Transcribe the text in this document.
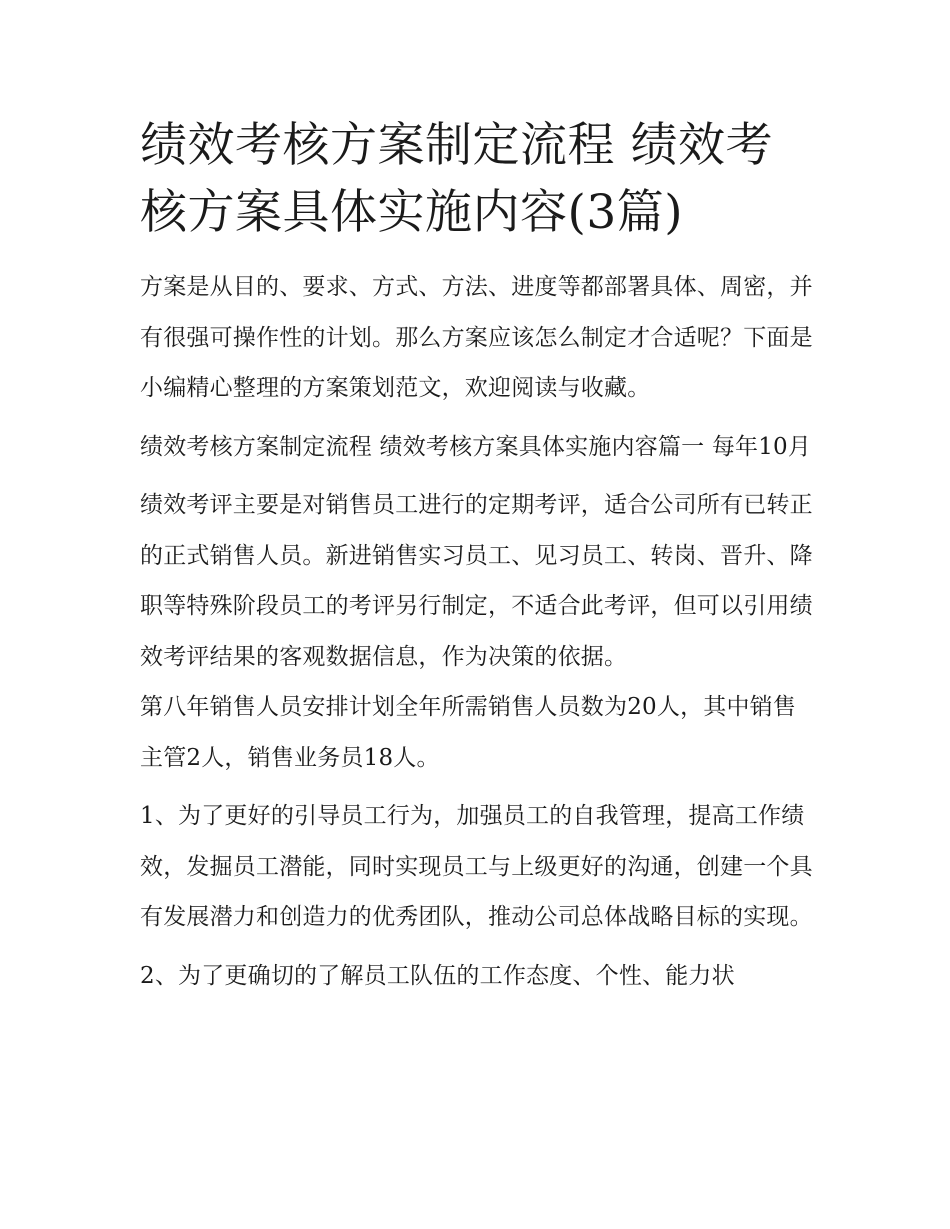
绩效考核方案制定流程 绩效考核方案具体实施内容(3篇)

方案是从目的、要求、方式、方法、进度等都部署具体、周密，并有很强可操作性的计划。那么方案应该怎么制定才合适呢？下面是小编精心整理的方案策划范文，欢迎阅读与收藏。

绩效考核方案制定流程 绩效考核方案具体实施内容篇一 每年10月

绩效考评主要是对销售员工进行的定期考评，适合公司所有已转正的正式销售人员。新进销售实习员工、见习员工、转岗、晋升、降职等特殊阶段员工的考评另行制定，不适合此考评，但可以引用绩效考评结果的客观数据信息，作为决策的依据。

第八年销售人员安排计划全年所需销售人员数为20人，其中销售主管2人，销售业务员18人。

1、为了更好的引导员工行为，加强员工的自我管理，提高工作绩效，发掘员工潜能，同时实现员工与上级更好的沟通，创建一个具有发展潜力和创造力的优秀团队，推动公司总体战略目标的实现。

2、为了更确切的了解员工队伍的工作态度、个性、能力状
